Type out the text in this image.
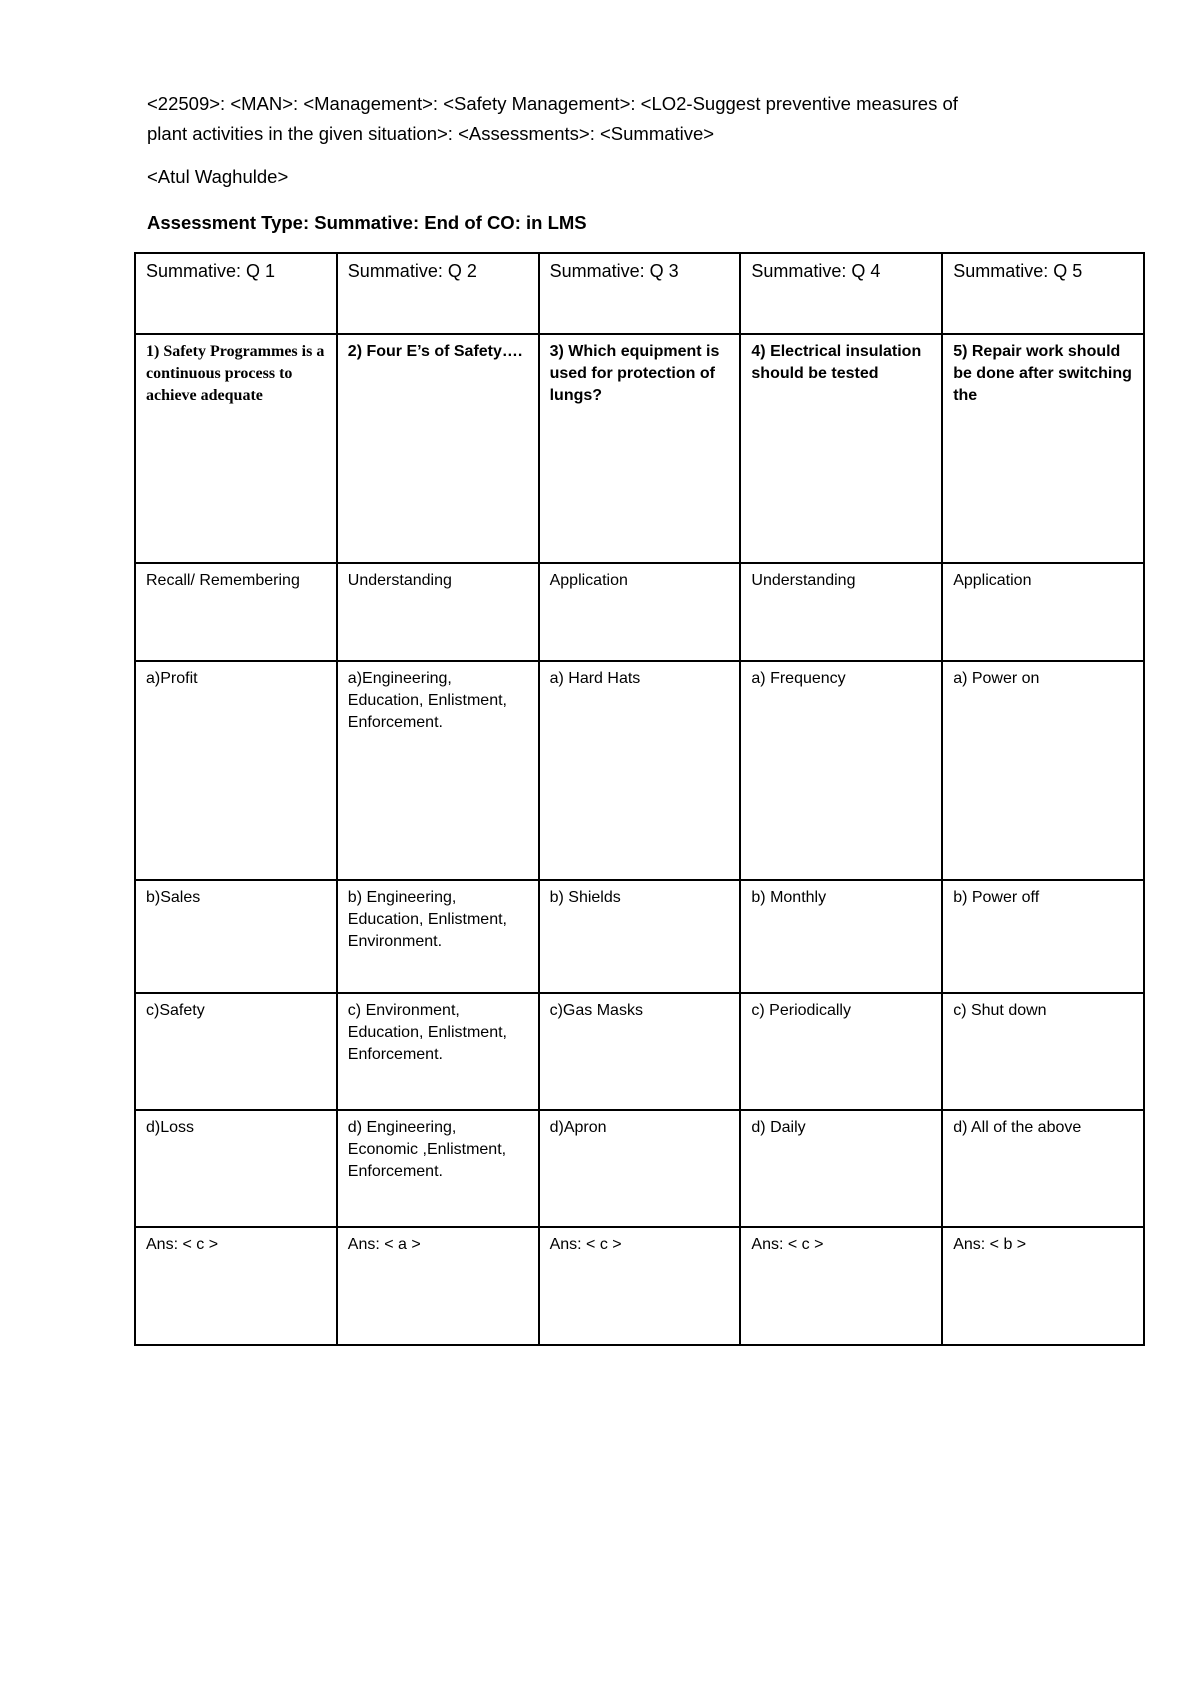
<22509>: <MAN>: <Management>: <Safety Management>: <LO2-Suggest preventive measures of
plant activities in the given situation>: <Assessments>: <Summative>
<Atul Waghulde>
Assessment Type: Summative: End of CO: in LMS
Summative: Q 1	Summative: Q 2	Summative: Q 3	Summative: Q 4	Summative: Q 5
1) Safety Programmes is a continuous process to achieve adequate	2) Four E’s of Safety….	3) Which equipment is used for protection of lungs?	4) Electrical insulation should be tested	5) Repair work should be done after switching the
Recall/ Remembering	Understanding	Application	Understanding	Application
a)Profit	a)Engineering, Education, Enlistment, Enforcement.	a) Hard Hats	a) Frequency	a) Power on
b)Sales	b) Engineering, Education, Enlistment, Environment.	b) Shields	b) Monthly	b) Power off
c)Safety	c) Environment, Education, Enlistment, Enforcement.	c)Gas Masks	c) Periodically	c) Shut down
d)Loss	d) Engineering, Economic ,Enlistment, Enforcement.	d)Apron	d) Daily	d) All of the above
Ans: < c >	Ans: < a >	Ans: < c >	Ans: < c >	Ans: < b >
